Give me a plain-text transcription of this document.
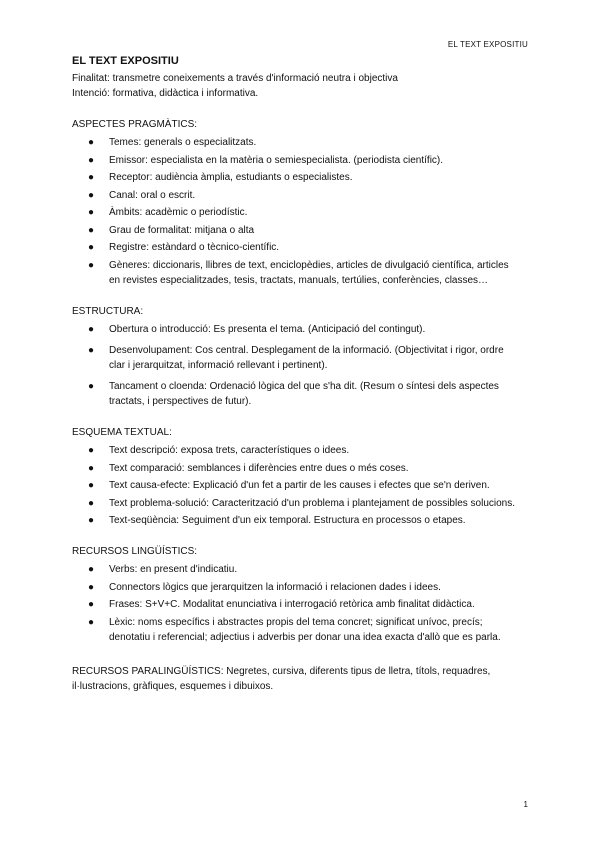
EL TEXT EXPOSITIU
EL TEXT EXPOSITIU
Finalitat: transmetre coneixements a través d'informació neutra i objectiva
Intenció: formativa, didàctica i informativa.
ASPECTES PRAGMÀTICS:
● Temes: generals o especialitzats.
● Emissor: especialista en la matèria o semiespecialista. (periodista científic).
● Receptor: audiència àmplia, estudiants o especialistes.
● Canal: oral o escrit.
● Àmbits: acadèmic o periodístic.
● Grau de formalitat: mitjana o alta
● Registre: estàndard o tècnico-científic.
● Gèneres: diccionaris, llibres de text, enciclopèdies, articles de divulgació científica, articles en revistes especialitzades, tesis, tractats, manuals, tertúlies, conferències, classes…
ESTRUCTURA:
● Obertura o introducció: Es presenta el tema. (Anticipació del contingut).
● Desenvolupament: Cos central. Desplegament de la informació. (Objectivitat i rigor, ordre clar i jerarquitzat, informació rellevant i pertinent).
● Tancament o cloenda: Ordenació lògica del que s'ha dit. (Resum o síntesi dels aspectes tractats, i perspectives de futur).
ESQUEMA TEXTUAL:
● Text descripció: exposa trets, característiques o idees.
● Text comparació: semblances i diferències entre dues o més coses.
● Text causa-efecte: Explicació d'un fet a partir de les causes i efectes que se'n deriven.
● Text problema-solució: Caracterització d'un problema i plantejament de possibles solucions.
● Text-seqüència: Seguiment d'un eix temporal. Estructura en processos o etapes.
RECURSOS LINGÜÍSTICS:
● Verbs: en present d'indicatiu.
● Connectors lògics que jerarquitzen la informació i relacionen dades i idees.
● Frases: S+V+C. Modalitat enunciativa i interrogació retòrica amb finalitat didàctica.
● Lèxic: noms específics i abstractes propis del tema concret; significat unívoc, precís; denotatiu i referencial; adjectius i adverbis per donar una idea exacta d'allò que es parla.
RECURSOS PARALINGÜÍSTICS: Negretes, cursiva, diferents tipus de lletra, títols, requadres, il·lustracions, gràfiques, esquemes i dibuixos.
1
